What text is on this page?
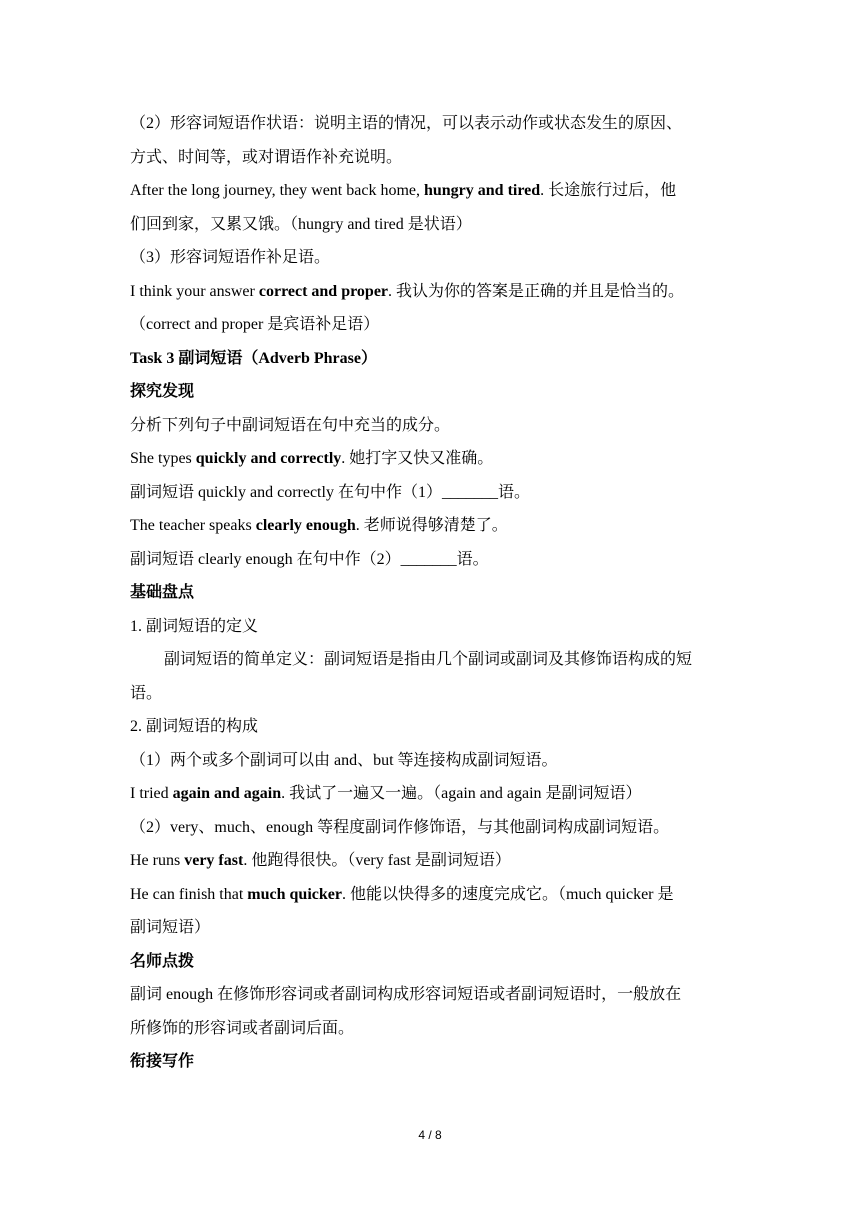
（2）形容词短语作状语：说明主语的情况，可以表示动作或状态发生的原因、
方式、时间等，或对谓语作补充说明。
After the long journey, they went back home, hungry and tired. 长途旅行过后，他
们回到家，又累又饿。（hungry and tired 是状语）
（3）形容词短语作补足语。
I think your answer correct and proper. 我认为你的答案是正确的并且是恰当的。
（correct and proper 是宾语补足语）
Task 3 副词短语（Adverb Phrase）
探究发现
分析下列句子中副词短语在句中充当的成分。
She types quickly and correctly. 她打字又快又准确。
副词短语 quickly and correctly 在句中作（1）_______语。
The teacher speaks clearly enough. 老师说得够清楚了。
副词短语 clearly enough 在句中作（2）_______语。
基础盘点
1. 副词短语的定义
副词短语的简单定义：副词短语是指由几个副词或副词及其修饰语构成的短
语。
2. 副词短语的构成
（1）两个或多个副词可以由 and、but 等连接构成副词短语。
I tried again and again. 我试了一遍又一遍。（again and again 是副词短语）
（2）very、much、enough 等程度副词作修饰语，与其他副词构成副词短语。
He runs very fast. 他跑得很快。（very fast 是副词短语）
He can finish that much quicker. 他能以快得多的速度完成它。（much quicker 是
副词短语）
名师点拨
副词 enough 在修饰形容词或者副词构成形容词短语或者副词短语时，一般放在
所修饰的形容词或者副词后面。
衔接写作
4 / 8
